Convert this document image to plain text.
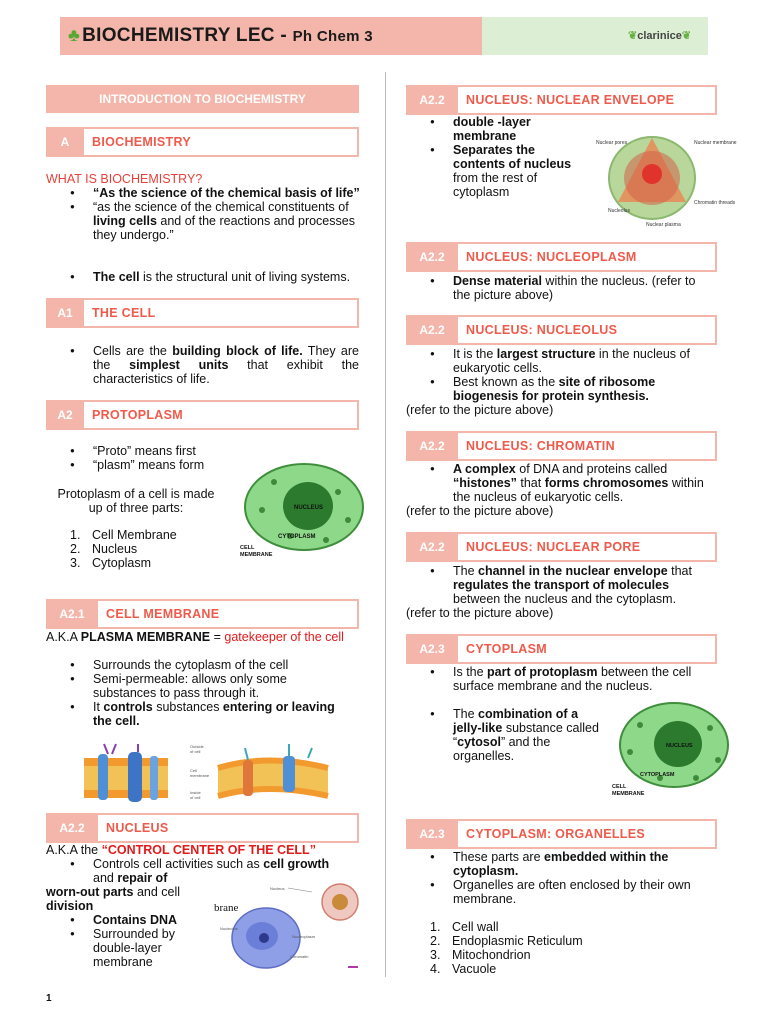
♣ BIOCHEMISTRY LEC - Ph Chem 3	❦clarinice❦
INTRODUCTION TO BIOCHEMISTRY
A	BIOCHEMISTRY
WHAT IS BIOCHEMISTRY?
● “As the science of the chemical basis of life”
● “as the science of the chemical constituents of living cells and of the reactions and processes they undergo.”
● The cell is the structural unit of living systems.
A1	THE CELL
● Cells are the building block of life. They are the simplest units that exhibit the characteristics of life.
A2	PROTOPLASM
● “Proto” means first
● “plasm” means form
Protoplasm of a cell is made up of three parts:
1. Cell Membrane
2. Nucleus
3. Cytoplasm
NUCLEUS
CYTOPLASM
CELL
MEMBRANE
A2.1	CELL MEMBRANE
A.K.A PLASMA MEMBRANE = gatekeeper of the cell
● Surrounds the cytoplasm of the cell
● Semi-permeable: allows only some substances to pass through it.
● It controls substances entering or leaving the cell.
Outside
of cell
Cell
membrane
Inside
of cell
A2.2	NUCLEUS
A.K.A the “CONTROL CENTER OF THE CELL”
● Controls cell activities such as cell growth
and repair of
worn-out parts and cell
division
● Contains DNA
● Surrounded by double-layer membrane
brane
Nucleus
Nucleolus
Nucleoplasm
Chromatin
A2.2	NUCLEUS: NUCLEAR ENVELOPE
● double -layer membrane
● Separates the contents of nucleus from the rest of cytoplasm
Nuclear pores	Nuclear membrane
Chromatin threads
Nucleolus
Nuclear plasma
A2.2	NUCLEUS: NUCLEOPLASM
● Dense material within the nucleus. (refer to the picture above)
A2.2	NUCLEUS: NUCLEOLUS
● It is the largest structure in the nucleus of eukaryotic cells.
● Best known as the site of ribosome biogenesis for protein synthesis.
(refer to the picture above)
A2.2	NUCLEUS: CHROMATIN
● A complex of DNA and proteins called “histones” that forms chromosomes within the nucleus of eukaryotic cells.
(refer to the picture above)
A2.2	NUCLEUS: NUCLEAR PORE
● The channel in the nuclear envelope that regulates the transport of molecules between the nucleus and the cytoplasm.
(refer to the picture above)
A2.3	CYTOPLASM
● Is the part of protoplasm between the cell surface membrane and the nucleus.
● The combination of a jelly-like substance called “cytosol” and the organelles.
NUCLEUS
CYTOPLASM
CELL
MEMBRANE
A2.3	CYTOPLASM: ORGANELLES
● These parts are embedded within the cytoplasm.
● Organelles are often enclosed by their own membrane.
1. Cell wall
2. Endoplasmic Reticulum
3. Mitochondrion
4. Vacuole
1
